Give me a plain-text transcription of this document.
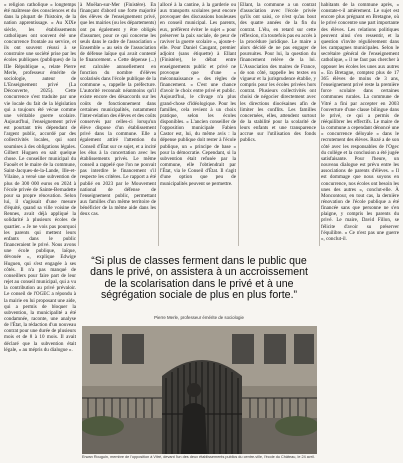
» religion catholique « longtemps été maîtresse des consciences et du dans la plupart de l'histoire, de la nation apprentissage. « Au XIXe siècle, les établissements catholiques ont souvent été une concurrence frontale au service, et ils ont souvent réussi à se construire une société prise par les écoles publiques (publiques) de la IIIe République », relate Pierre Merle, professeur émérite de sociologie, auteur de L'Enseignement privé (La Découverte, 2025). Cette concurrence s'est traduite par une vie locale du fait de la législation qui a toujours été vécue comme une véritable guerre scolaire. Aujourd'hui, l'enseignement privé est pourtant très dépendant de l'argent public, accordé par des collectivités locales, qui sont soumises à des obligations légales. Gilbert Huguen en sait quelque chose. Le conseiller municipal du Faouët et le maire de la commune, Saint-Jacques-de-la-Lande, Ille-et-Vilaine, a versé une subvention de plus de 300 000 euros en 2024 à l'école privée de Sainte-Bernadette pour sa propre rénovation. Selon lui, il s'agissait d'une mesure d'équité, quand sa ville voisine de Rennes, avait déjà appliqué la solidarité à plusieurs écoles de quartier. « Je ne vois pas pourquoi les parents qui mettent leurs enfants dans le public financeraient le privé. Nous avons une école publique, laïque, dévouée », explique Edwige Huguen, qui s'est engagée à ses côtés. Il n'a pas manqué de conseillers pour faire part de leur rejet au conseil municipal, qui a vu la contribution au privé prévaloir. Le conseil de l'OGEC a répondu à la mairie en lui proposant une aide, qui a permis de bloquer la subvention, la municipalité a été condamnée, raconte, une analyse de l'État, la rédaction d'un nouveau contrat pour une durée de plusieurs mois et de 8 à 10 mois. Il avait déclaré que la subvention était légale, « au mépris du dialogue ».

à Moëlan-sur-Mer (Finistère). En finançant d'abord une forte majorité des élèves de l'enseignement privé, que les mairies (ou les départements) ont pu également y être obligés d'assumer, pour ce qui concerne les seuls dans le cadre de l'association « Ensemble » au sein de l'association de défense laïque qui avait contesté le financement. « Cette dépense (...) est calculée annuellement en fonction du nombre d'élèves scolarisés dans l'école publique de la commune », rappelle la préfecture. L'autorité reconnaît néanmoins qu'il existe encore des désaccords sur les coûts de fonctionnement dans certaines municipalités, notamment l'inter-relation des élèves et des coûts conservés par celles-ci lorsqu'un élève dispose d'un établissement privé dans la commune. Elle a également attiré l'attention du Conseil d'État sur ce sujet, et a incité les élus à la concertation avec les établissements privés. Le même conseil a rappelé que l'on ne pouvait pas interdire le financement s'il respecte les critères. Le rapport a été publié en 2023 par le Mouvement national de défense de l'enseignement public, permettant aux familles d'un même territoire de bénéficier de la même aide dans les deux cas.

allocé à la cantine, à la garderie ou aux transports scolaires peut encore provoquer des discussions houleuses en conseil municipal. Les parents, eux, préfèrent éviter le sujet « pour préserver la paix sociale, de peur de raviver la guerre scolaire », ajoute-t-elle. Pour Daniel Caugant, premier adjoint (sans étiquette) à Ellant (Finistère), le débat entre enseignements public et privé ne provoque que d'une « méconnaissance » des règles de financement. « C'est une chance d'avoir le choix entre privé et public. Aujourd'hui, le clivage n'a plus grand-chose d'idéologique. Pour les familles, cela revient à un choix pratique, selon les écoles disponibles. » L'ancien conseiller de l'opposition municipale Fabien Castor est, lui, du même avis : la dépense publique doit rester à l'école publique, un « principe de base » pour la démocratie. Cependant, si la subvention était refusée par la commune, elle l'obtiendrait par l'État, via le Conseil d'État. Il s'agit d'une option que peu de municipalités peuvent se permettre.

Ellant, la commune a un contrat d'association avec l'école privée qu'ils ont saisi, ce n'est qu'au bout des quatre années de la fin du contrat. L'élu, en retard sur cette réflexion, n'a toutefois pas eu accès à la procédure juridique. Le maire a alors décidé de ne pas engager de poursuites. Pour lui, la question du financement relève de la loi. L'Association des maires de France, de son côté, rappelle les textes en vigueur et la jurisprudence établie, y compris pour les écoles privées hors contrat. Plusieurs collectivités ont choisi de négocier directement avec les directions diocésaines afin de limiter les conflits. Les familles concernées, elles, attendent surtout de la stabilité pour la scolarité de leurs enfants et une transparence accrue sur l'utilisation des fonds publics.

habitants de la commune après, « constate-t-il amèrement. Le sujet est encore plus prégnant en Bretagne, où le privé concentre une part importante des élèves. Les relations politiques peuvent ainsi s'en ressentir, et la question s'invite régulièrement dans les campagnes municipales. Selon le secrétaire général de l'enseignement catholique, « il ne faut pas chercher à opposer les écoles les unes aux autres ». En Bretagne, comptez plus de 17 365 élèves de moins de 3 ans, l'enseignement privé reste la première force scolaire dans certaines communes rurales. La commune de Vitré a fini par accepter en 2003 l'ouverture d'une classe bilingue dans le privé, ce qui a permis de rééquilibrer les effectifs. Le maire de la commune a cependant dénoncé une « concurrence déloyale » dans le recrutement des élèves. Rozé a de son côté avec les responsables de l'Ogec du collège et la conclusion a été jugée satisfaisante. Pour l'heure, un nouveau dialogue est prévu entre les associations de parents d'élèves. « Il est dommage que nous soyons en concurrence, nos écoles ont besoin les unes des autres », conclut-elle. À Moncontour, en tout cas, la dernière rénovation de l'école publique a été financée sans que personne ne s'en plaigne, y compris les parents du privé. Le maire, David Fillon, se félicite d'avoir su préserver l'équilibre. « Ce n'est pas une guerre », conclut-il.

“Si plus de classes ferment dans le public que dans le privé, on assistera à un accroissement de la scolarisation dans le privé et à une ségrégation sociale de plus en plus forte.”
Pierre Merle, professeur émérite de sociologie
Erwan Rouguin, membre de l'opposition à Vitré, devant l'un des deux établissements publics du centre-ville, l'école du Château, le 24 avril.
